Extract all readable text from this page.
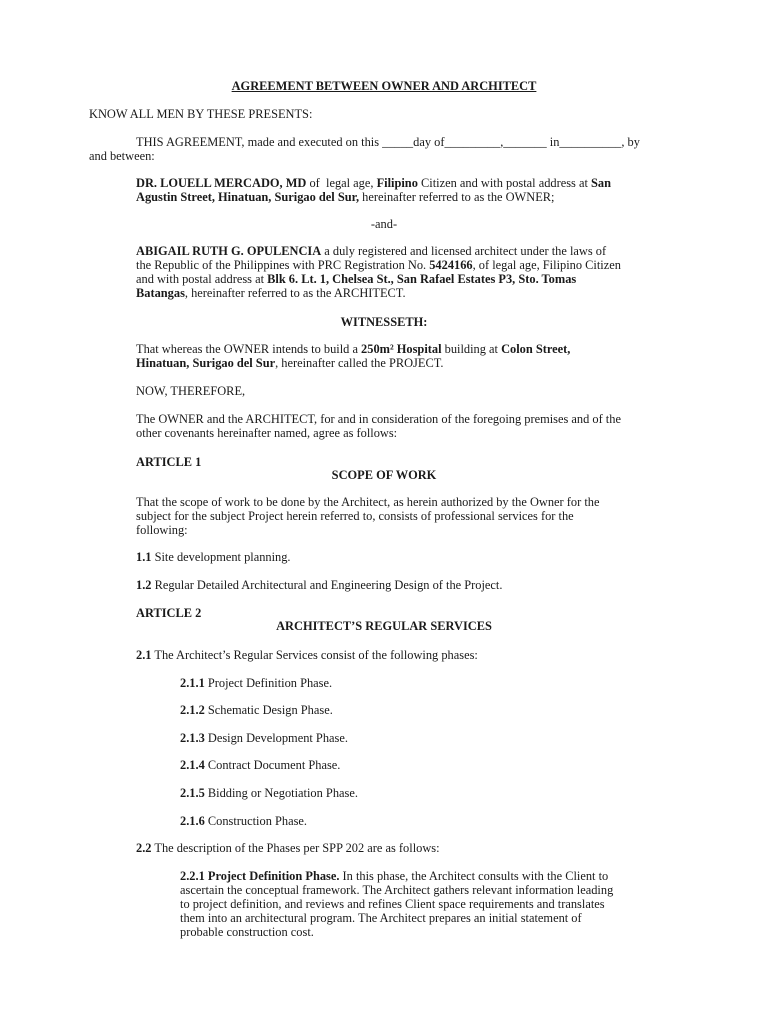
AGREEMENT BETWEEN OWNER AND ARCHITECT
KNOW ALL MEN BY THESE PRESENTS:
THIS AGREEMENT, made and executed on this _____day of_________,_______ in__________, by
and between:
DR. LOUELL MERCADO, MD of  legal age, Filipino Citizen and with postal address at San
Agustin Street, Hinatuan, Surigao del Sur, hereinafter referred to as the OWNER;
-and-
ABIGAIL RUTH G. OPULENCIA a duly registered and licensed architect under the laws of
the Republic of the Philippines with PRC Registration No. 5424166, of legal age, Filipino Citizen
and with postal address at Blk 6. Lt. 1, Chelsea St., San Rafael Estates P3, Sto. Tomas
Batangas, hereinafter referred to as the ARCHITECT.
WITNESSETH:
That whereas the OWNER intends to build a 250m² Hospital building at Colon Street,
Hinatuan, Surigao del Sur, hereinafter called the PROJECT.
NOW, THEREFORE,
The OWNER and the ARCHITECT, for and in consideration of the foregoing premises and of the
other covenants hereinafter named, agree as follows:
ARTICLE 1
SCOPE OF WORK
That the scope of work to be done by the Architect, as herein authorized by the Owner for the
subject for the subject Project herein referred to, consists of professional services for the
following:
1.1 Site development planning.
1.2 Regular Detailed Architectural and Engineering Design of the Project.
ARTICLE 2
ARCHITECT’S REGULAR SERVICES
2.1 The Architect’s Regular Services consist of the following phases:
2.1.1 Project Definition Phase.
2.1.2 Schematic Design Phase.
2.1.3 Design Development Phase.
2.1.4 Contract Document Phase.
2.1.5 Bidding or Negotiation Phase.
2.1.6 Construction Phase.
2.2 The description of the Phases per SPP 202 are as follows:
2.2.1 Project Definition Phase. In this phase, the Architect consults with the Client to
ascertain the conceptual framework. The Architect gathers relevant information leading
to project definition, and reviews and refines Client space requirements and translates
them into an architectural program. The Architect prepares an initial statement of
probable construction cost.
